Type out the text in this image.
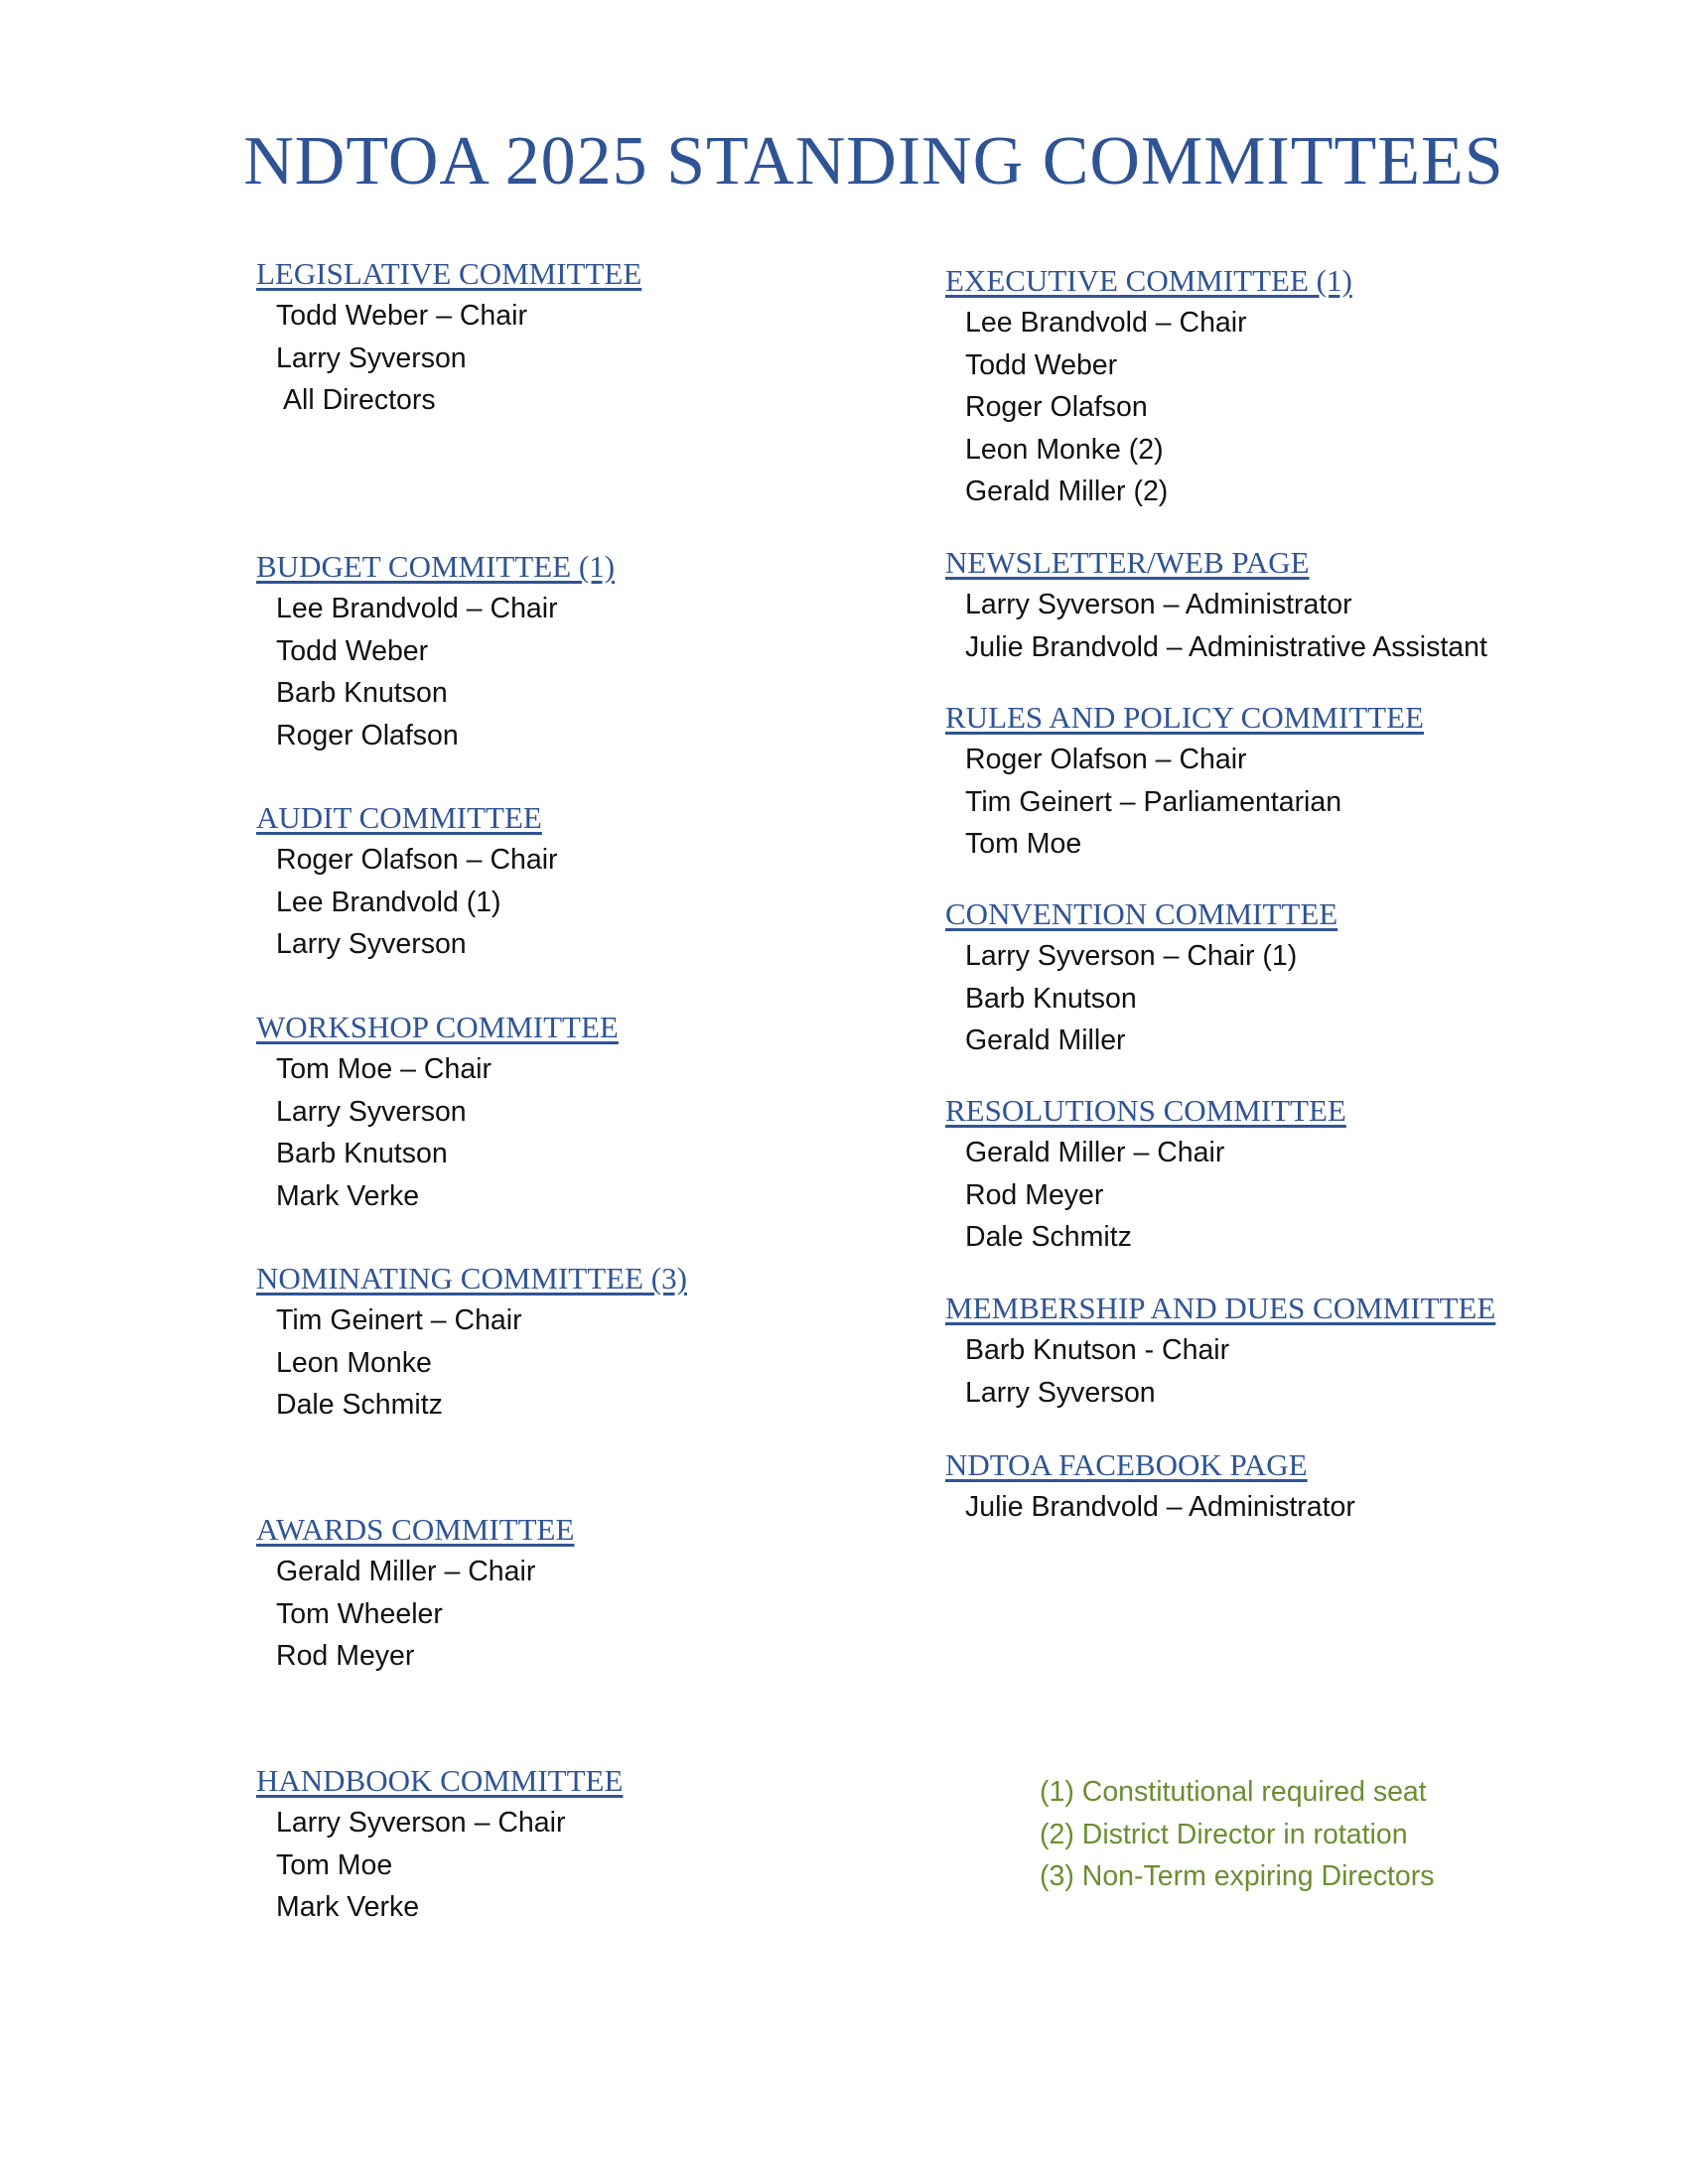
NDTOA 2025 STANDING COMMITTEES
LEGISLATIVE COMMITTEE
Todd Weber – Chair
Larry Syverson
All Directors
BUDGET COMMITTEE (1)
Lee Brandvold – Chair
Todd Weber
Barb Knutson
Roger Olafson
AUDIT COMMITTEE
Roger Olafson – Chair
Lee Brandvold (1)
Larry Syverson
WORKSHOP COMMITTEE
Tom Moe – Chair
Larry Syverson
Barb Knutson
Mark Verke
NOMINATING COMMITTEE (3)
Tim Geinert – Chair
Leon Monke
Dale Schmitz
AWARDS COMMITTEE
Gerald Miller – Chair
Tom Wheeler
Rod Meyer
HANDBOOK COMMITTEE
Larry Syverson – Chair
Tom Moe
Mark Verke
EXECUTIVE COMMITTEE (1)
Lee Brandvold – Chair
Todd Weber
Roger Olafson
Leon Monke (2)
Gerald Miller (2)
NEWSLETTER/WEB PAGE
Larry Syverson – Administrator
Julie Brandvold – Administrative Assistant
RULES AND POLICY COMMITTEE
Roger Olafson – Chair
Tim Geinert – Parliamentarian
Tom Moe
CONVENTION COMMITTEE
Larry Syverson – Chair (1)
Barb Knutson
Gerald Miller
RESOLUTIONS COMMITTEE
Gerald Miller – Chair
Rod Meyer
Dale Schmitz
MEMBERSHIP AND DUES COMMITTEE
Barb Knutson - Chair
Larry Syverson
NDTOA FACEBOOK PAGE
Julie Brandvold – Administrator
(1) Constitutional required seat
(2) District Director in rotation
(3) Non-Term expiring Directors
